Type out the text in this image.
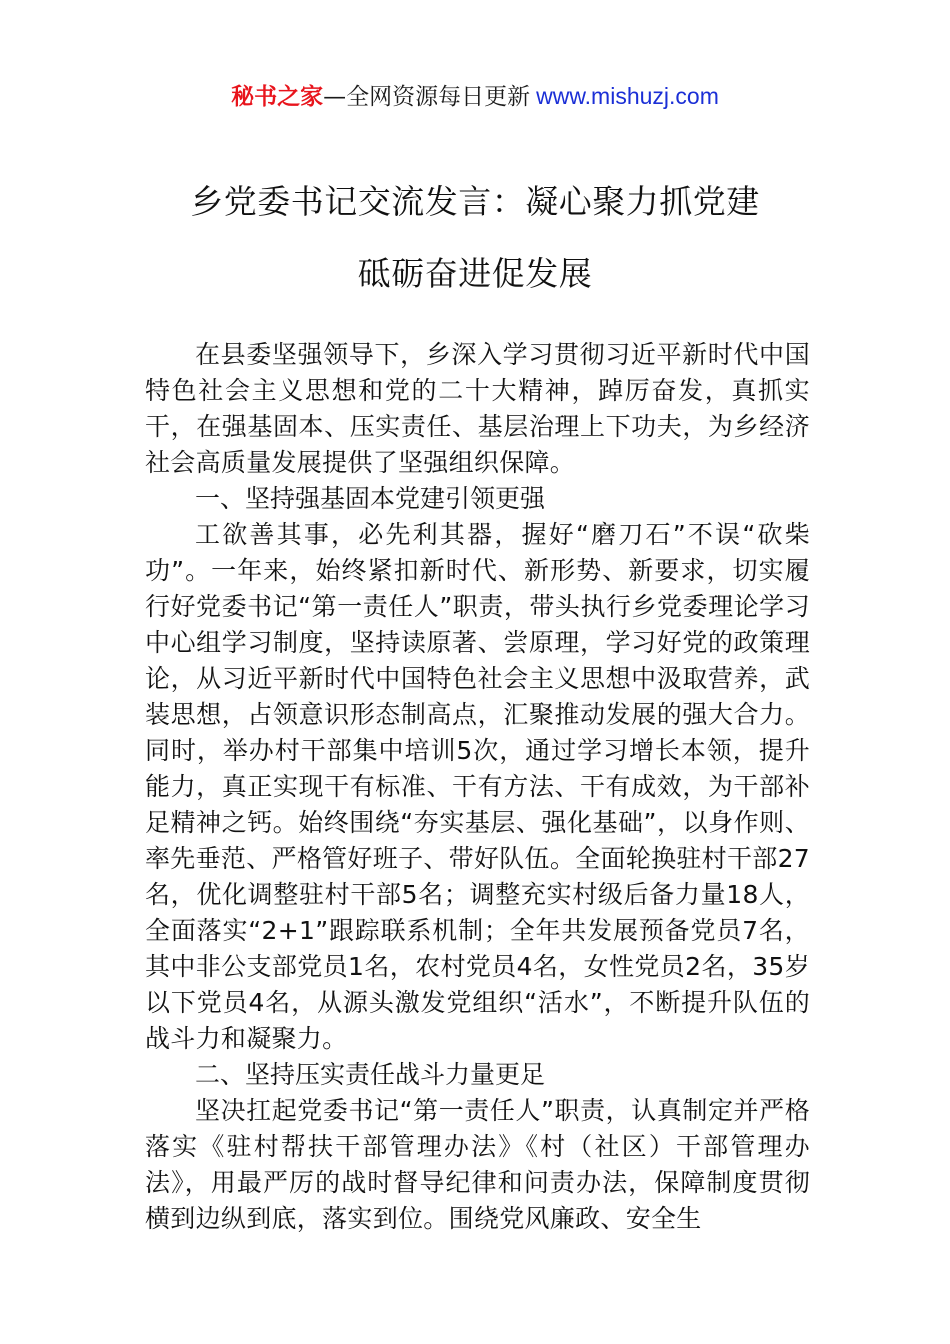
秘书之家—全网资源每日更新 www.mishuzj.com
乡党委书记交流发言：凝心聚力抓党建
砥砺奋进促发展

在县委坚强领导下，乡深入学习贯彻习近平新时代中国特色社会主义思想和党的二十大精神，踔厉奋发，真抓实干，在强基固本、压实责任、基层治理上下功夫，为乡经济社会高质量发展提供了坚强组织保障。

一、坚持强基固本党建引领更强

工欲善其事，必先利其器，握好“磨刀石”不误“砍柴功”。一年来，始终紧扣新时代、新形势、新要求，切实履行好党委书记“第一责任人”职责，带头执行乡党委理论学习中心组学习制度，坚持读原著、尝原理，学习好党的政策理论，从习近平新时代中国特色社会主义思想中汲取营养，武装思想，占领意识形态制高点，汇聚推动发展的强大合力。同时，举办村干部集中培训5次，通过学习增长本领，提升能力，真正实现干有标准、干有方法、干有成效，为干部补足精神之钙。始终围绕“夯实基层、强化基础”，以身作则、率先垂范、严格管好班子、带好队伍。全面轮换驻村干部27名，优化调整驻村干部5名；调整充实村级后备力量18人，全面落实“2+1”跟踪联系机制；全年共发展预备党员7名，其中非公支部党员1名，农村党员4名，女性党员2名，35岁以下党员4名，从源头激发党组织“活水”，不断提升队伍的战斗力和凝聚力。

二、坚持压实责任战斗力量更足

坚决扛起党委书记“第一责任人”职责，认真制定并严格落实《驻村帮扶干部管理办法》《村（社区）干部管理办法》，用最严厉的战时督导纪律和问责办法，保障制度贯彻横到边纵到底，落实到位。围绕党风廉政、安全生
